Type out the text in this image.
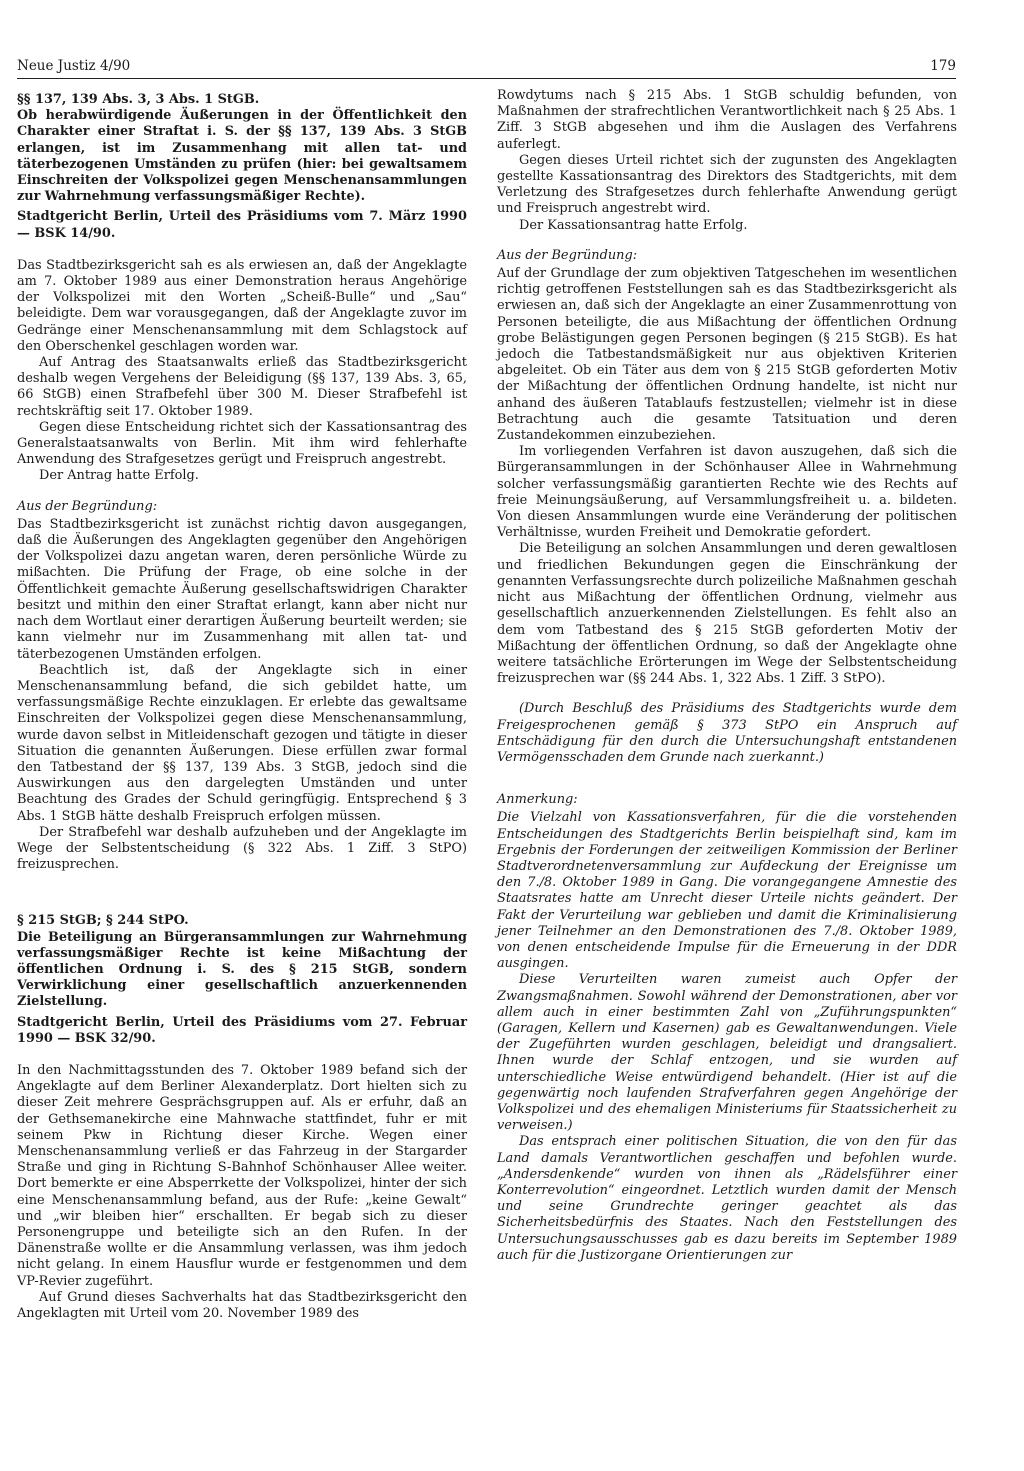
Neue Justiz 4/90	179

§§ 137, 139 Abs. 3, 3 Abs. 1 StGB.

Ob herabwürdigende Äußerungen in der Öffentlichkeit den Charakter einer Straftat i. S. der §§ 137, 139 Abs. 3 StGB erlangen, ist im Zusammenhang mit allen tat- und täterbezogenen Umständen zu prüfen (hier: bei gewaltsamem Einschreiten der Volkspolizei gegen Menschenansammlungen zur Wahrnehmung verfassungsmäßiger Rechte).

Stadtgericht Berlin, Urteil des Präsidiums vom 7. März 1990 — BSK 14/90.

Das Stadtbezirksgericht sah es als erwiesen an, daß der Angeklagte am 7. Oktober 1989 aus einer Demonstration heraus Angehörige der Volkspolizei mit den Worten „Scheiß-Bulle“ und „Sau“ beleidigte. Dem war vorausgegangen, daß der Angeklagte zuvor im Gedränge einer Menschenansammlung mit dem Schlagstock auf den Oberschenkel geschlagen worden war.

Auf Antrag des Staatsanwalts erließ das Stadtbezirksgericht deshalb wegen Vergehens der Beleidigung (§§ 137, 139 Abs. 3, 65, 66 StGB) einen Strafbefehl über 300 M. Dieser Strafbefehl ist rechtskräftig seit 17. Oktober 1989.

Gegen diese Entscheidung richtet sich der Kassationsantrag des Generalstaatsanwalts von Berlin. Mit ihm wird fehlerhafte Anwendung des Strafgesetzes gerügt und Freispruch angestrebt.

Der Antrag hatte Erfolg.

Aus der Begründung:

Das Stadtbezirksgericht ist zunächst richtig davon ausgegangen, daß die Äußerungen des Angeklagten gegenüber den Angehörigen der Volkspolizei dazu angetan waren, deren persönliche Würde zu mißachten. Die Prüfung der Frage, ob eine solche in der Öffentlichkeit gemachte Äußerung gesellschaftswidrigen Charakter besitzt und mithin den einer Straftat erlangt, kann aber nicht nur nach dem Wortlaut einer derartigen Äußerung beurteilt werden; sie kann vielmehr nur im Zusammenhang mit allen tat- und täterbezogenen Umständen erfolgen.

Beachtlich ist, daß der Angeklagte sich in einer Menschenansammlung befand, die sich gebildet hatte, um verfassungsmäßige Rechte einzuklagen. Er erlebte das gewaltsame Einschreiten der Volkspolizei gegen diese Menschenansammlung, wurde davon selbst in Mitleidenschaft gezogen und tätigte in dieser Situation die genannten Äußerungen. Diese erfüllen zwar formal den Tatbestand der §§ 137, 139 Abs. 3 StGB, jedoch sind die Auswirkungen aus den dargelegten Umständen und unter Beachtung des Grades der Schuld geringfügig. Entsprechend § 3 Abs. 1 StGB hätte deshalb Freispruch erfolgen müssen.

Der Strafbefehl war deshalb aufzuheben und der Angeklagte im Wege der Selbstentscheidung (§ 322 Abs. 1 Ziff. 3 StPO) freizusprechen.

§ 215 StGB; § 244 StPO.

Die Beteiligung an Bürgeransammlungen zur Wahrnehmung verfassungsmäßiger Rechte ist keine Mißachtung der öffentlichen Ordnung i. S. des § 215 StGB, sondern Verwirklichung einer gesellschaftlich anzuerkennenden Zielstellung.

Stadtgericht Berlin, Urteil des Präsidiums vom 27. Februar 1990 — BSK 32/90.

In den Nachmittagsstunden des 7. Oktober 1989 befand sich der Angeklagte auf dem Berliner Alexanderplatz. Dort hielten sich zu dieser Zeit mehrere Gesprächsgruppen auf. Als er erfuhr, daß an der Gethsemanekirche eine Mahnwache stattfindet, fuhr er mit seinem Pkw in Richtung dieser Kirche. Wegen einer Menschenansammlung verließ er das Fahrzeug in der Stargarder Straße und ging in Richtung S-Bahnhof Schönhauser Allee weiter. Dort bemerkte er eine Absperrkette der Volkspolizei, hinter der sich eine Menschenansammlung befand, aus der Rufe: „keine Gewalt“ und „wir bleiben hier“ erschallten. Er begab sich zu dieser Personengruppe und beteiligte sich an den Rufen. In der Dänenstraße wollte er die Ansammlung verlassen, was ihm jedoch nicht gelang. In einem Hausflur wurde er festgenommen und dem VP-Revier zugeführt.

Auf Grund dieses Sachverhalts hat das Stadtbezirksgericht den Angeklagten mit Urteil vom 20. November 1989 des

Rowdytums nach § 215 Abs. 1 StGB schuldig befunden, von Maßnahmen der strafrechtlichen Verantwortlichkeit nach § 25 Abs. 1 Ziff. 3 StGB abgesehen und ihm die Auslagen des Verfahrens auferlegt.

Gegen dieses Urteil richtet sich der zugunsten des Angeklagten gestellte Kassationsantrag des Direktors des Stadtgerichts, mit dem Verletzung des Strafgesetzes durch fehlerhafte Anwendung gerügt und Freispruch angestrebt wird.

Der Kassationsantrag hatte Erfolg.

Aus der Begründung:

Auf der Grundlage der zum objektiven Tatgeschehen im wesentlichen richtig getroffenen Feststellungen sah es das Stadtbezirksgericht als erwiesen an, daß sich der Angeklagte an einer Zusammenrottung von Personen beteiligte, die aus Mißachtung der öffentlichen Ordnung grobe Belästigungen gegen Personen begingen (§ 215 StGB). Es hat jedoch die Tatbestandsmäßigkeit nur aus objektiven Kriterien abgeleitet. Ob ein Täter aus dem von § 215 StGB geforderten Motiv der Mißachtung der öffentlichen Ordnung handelte, ist nicht nur anhand des äußeren Tatablaufs festzustellen; vielmehr ist in diese Betrachtung auch die gesamte Tatsituation und deren Zustandekommen einzubeziehen.

Im vorliegenden Verfahren ist davon auszugehen, daß sich die Bürgeransammlungen in der Schönhauser Allee in Wahrnehmung solcher verfassungsmäßig garantierten Rechte wie des Rechts auf freie Meinungsäußerung, auf Versammlungsfreiheit u. a. bildeten. Von diesen Ansammlungen wurde eine Veränderung der politischen Verhältnisse, wurden Freiheit und Demokratie gefordert.

Die Beteiligung an solchen Ansammlungen und deren gewaltlosen und friedlichen Bekundungen gegen die Einschränkung der genannten Verfassungsrechte durch polizeiliche Maßnahmen geschah nicht aus Mißachtung der öffentlichen Ordnung, vielmehr aus gesellschaftlich anzuerkennenden Zielstellungen. Es fehlt also an dem vom Tatbestand des § 215 StGB geforderten Motiv der Mißachtung der öffentlichen Ordnung, so daß der Angeklagte ohne weitere tatsächliche Erörterungen im Wege der Selbstentscheidung freizusprechen war (§§ 244 Abs. 1, 322 Abs. 1 Ziff. 3 StPO).

(Durch Beschluß des Präsidiums des Stadtgerichts wurde dem Freigesprochenen gemäß § 373 StPO ein Anspruch auf Entschädigung für den durch die Untersuchungshaft entstandenen Vermögensschaden dem Grunde nach zuerkannt.)

Anmerkung:

Die Vielzahl von Kassationsverfahren, für die die vorstehenden Entscheidungen des Stadtgerichts Berlin beispielhaft sind, kam im Ergebnis der Forderungen der zeitweiligen Kommission der Berliner Stadtverordnetenversammlung zur Aufdeckung der Ereignisse um den 7./8. Oktober 1989 in Gang. Die vorangegangene Amnestie des Staatsrates hatte am Unrecht dieser Urteile nichts geändert. Der Fakt der Verurteilung war geblieben und damit die Kriminalisierung jener Teilnehmer an den Demonstrationen des 7./8. Oktober 1989, von denen entscheidende Impulse für die Erneuerung in der DDR ausgingen.

Diese Verurteilten waren zumeist auch Opfer der Zwangsmaßnahmen. Sowohl während der Demonstrationen, aber vor allem auch in einer bestimmten Zahl von „Zuführungspunkten“ (Garagen, Kellern und Kasernen) gab es Gewaltanwendungen. Viele der Zugeführten wurden geschlagen, beleidigt und drangsaliert. Ihnen wurde der Schlaf entzogen, und sie wurden auf unterschiedliche Weise entwürdigend behandelt. (Hier ist auf die gegenwärtig noch laufenden Strafverfahren gegen Angehörige der Volkspolizei und des ehemaligen Ministeriums für Staatssicherheit zu verweisen.)

Das entsprach einer politischen Situation, die von den für das Land damals Verantwortlichen geschaffen und befohlen wurde. „Andersdenkende“ wurden von ihnen als „Rädelsführer einer Konterrevolution“ eingeordnet. Letztlich wurden damit der Mensch und seine Grundrechte geringer geachtet als das Sicherheitsbedürfnis des Staates. Nach den Feststellungen des Untersuchungsausschusses gab es dazu bereits im September 1989 auch für die Justizorgane Orientierungen zur
